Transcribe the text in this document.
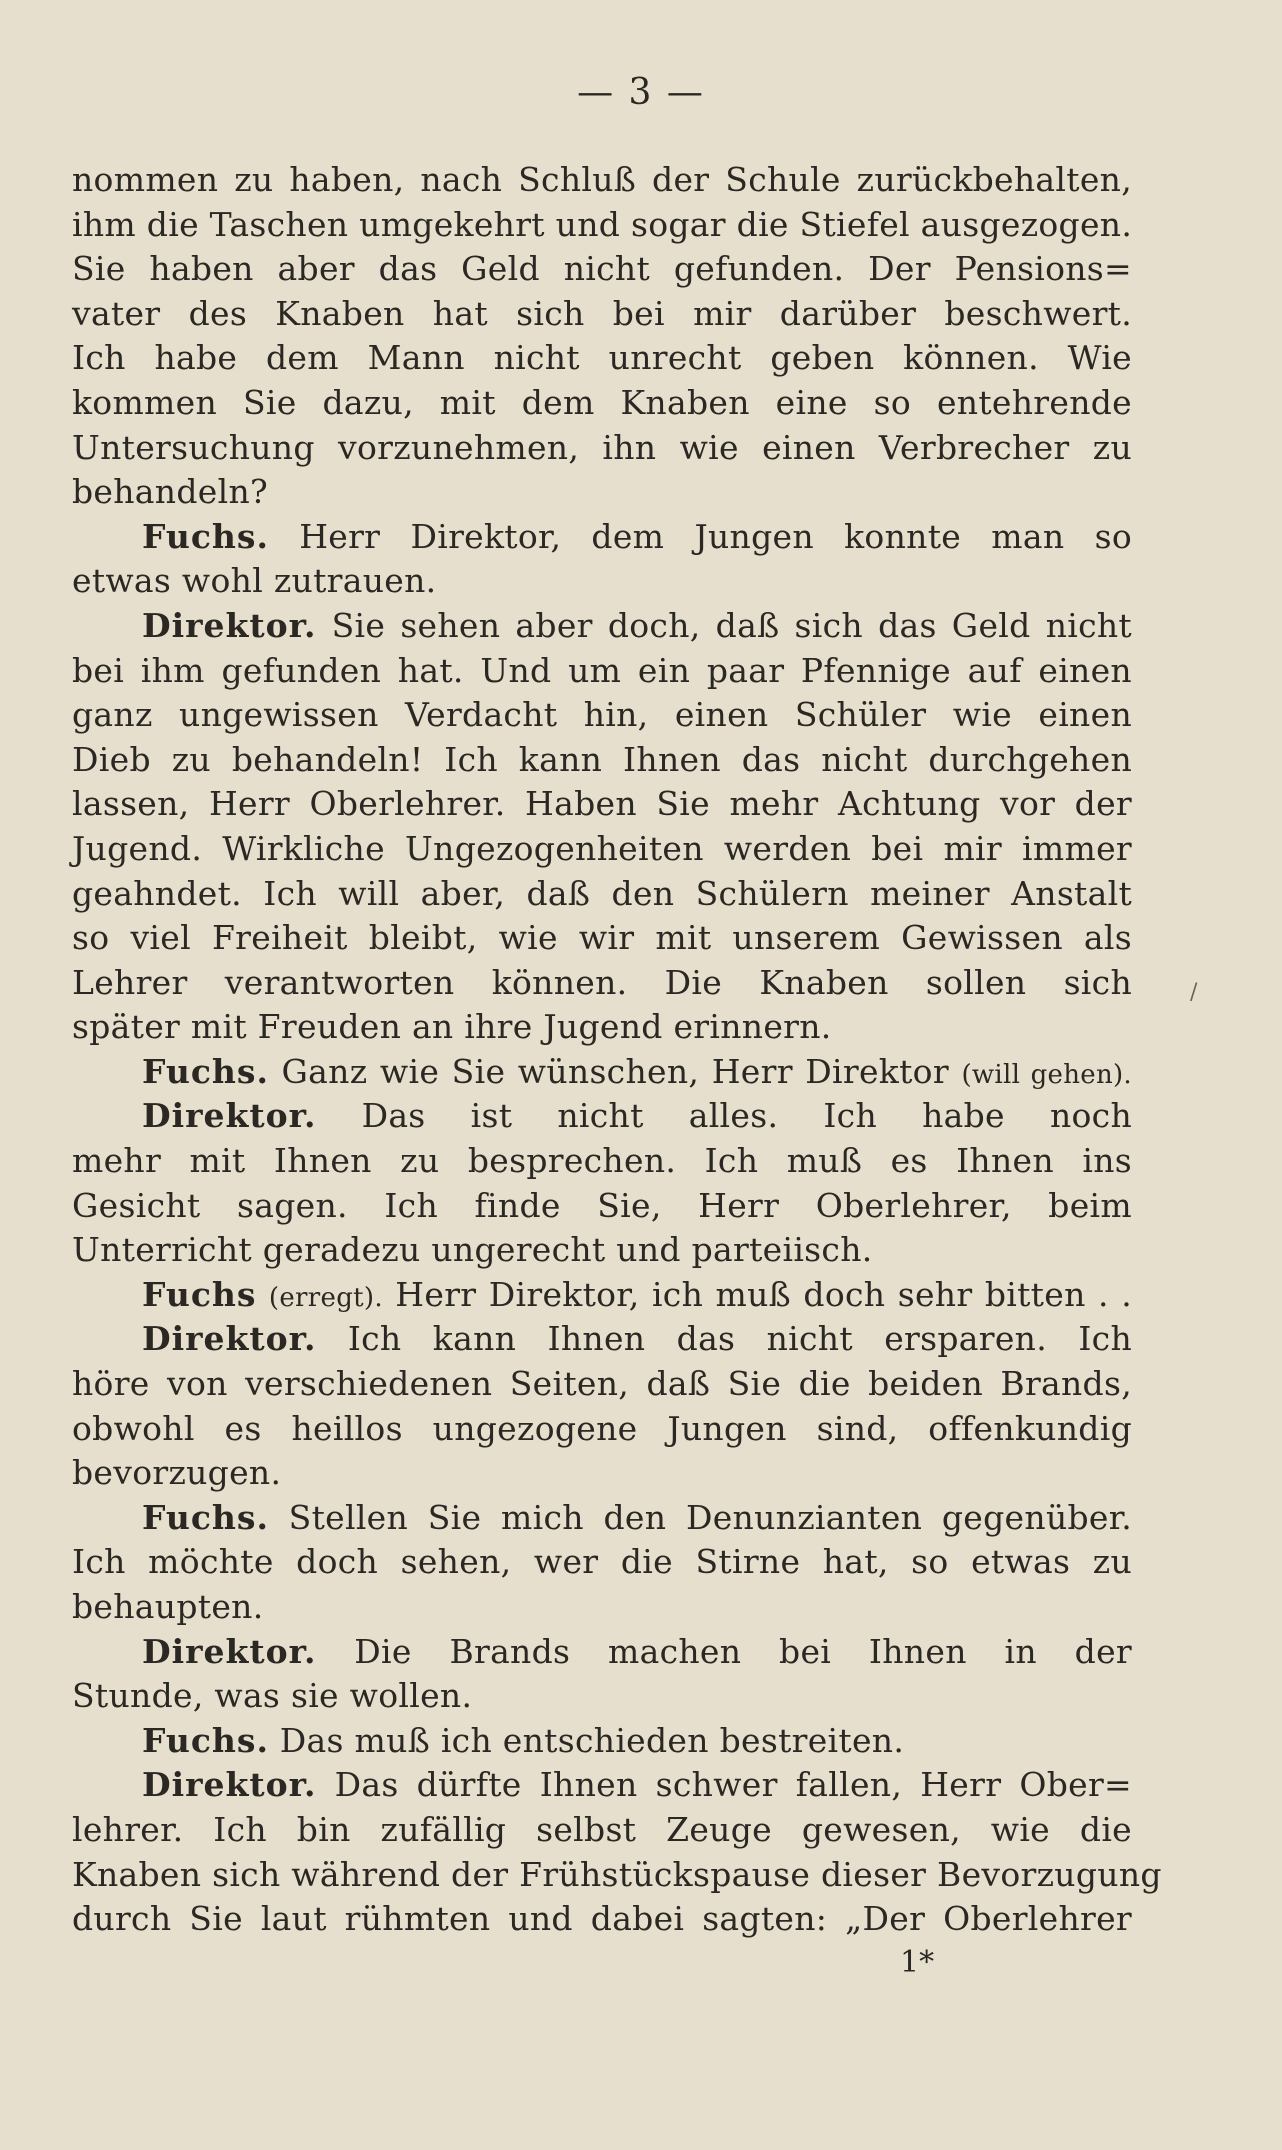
— 3 —
nommen zu haben, nach Schluß der Schule zurückbehalten,
ihm die Taschen umgekehrt und sogar die Stiefel ausgezogen.
Sie haben aber das Geld nicht gefunden. Der Pensions=
vater des Knaben hat sich bei mir darüber beschwert.
Ich habe dem Mann nicht unrecht geben können. Wie
kommen Sie dazu, mit dem Knaben eine so entehrende
Untersuchung vorzunehmen, ihn wie einen Verbrecher zu
behandeln?
Fuchs. Herr Direktor, dem Jungen konnte man so
etwas wohl zutrauen.
Direktor. Sie sehen aber doch, daß sich das Geld nicht
bei ihm gefunden hat. Und um ein paar Pfennige auf einen
ganz ungewissen Verdacht hin, einen Schüler wie einen
Dieb zu behandeln! Ich kann Ihnen das nicht durchgehen
lassen, Herr Oberlehrer. Haben Sie mehr Achtung vor der
Jugend. Wirkliche Ungezogenheiten werden bei mir immer
geahndet. Ich will aber, daß den Schülern meiner Anstalt
so viel Freiheit bleibt, wie wir mit unserem Gewissen als
Lehrer verantworten können. Die Knaben sollen sich
später mit Freuden an ihre Jugend erinnern.
Fuchs. Ganz wie Sie wünschen, Herr Direktor (will gehen).
Direktor. Das ist nicht alles. Ich habe noch
mehr mit Ihnen zu besprechen. Ich muß es Ihnen ins
Gesicht sagen. Ich finde Sie, Herr Oberlehrer, beim
Unterricht geradezu ungerecht und parteiisch.
Fuchs (erregt). Herr Direktor, ich muß doch sehr bitten . .
Direktor. Ich kann Ihnen das nicht ersparen. Ich
höre von verschiedenen Seiten, daß Sie die beiden Brands,
obwohl es heillos ungezogene Jungen sind, offenkundig
bevorzugen.
Fuchs. Stellen Sie mich den Denunzianten gegenüber.
Ich möchte doch sehen, wer die Stirne hat, so etwas zu
behaupten.
Direktor. Die Brands machen bei Ihnen in der
Stunde, was sie wollen.
Fuchs. Das muß ich entschieden bestreiten.
Direktor. Das dürfte Ihnen schwer fallen, Herr Ober=
lehrer. Ich bin zufällig selbst Zeuge gewesen, wie die
Knaben sich während der Frühstückspause dieser Bevorzugung
durch Sie laut rühmten und dabei sagten: „Der Oberlehrer
/
1*
